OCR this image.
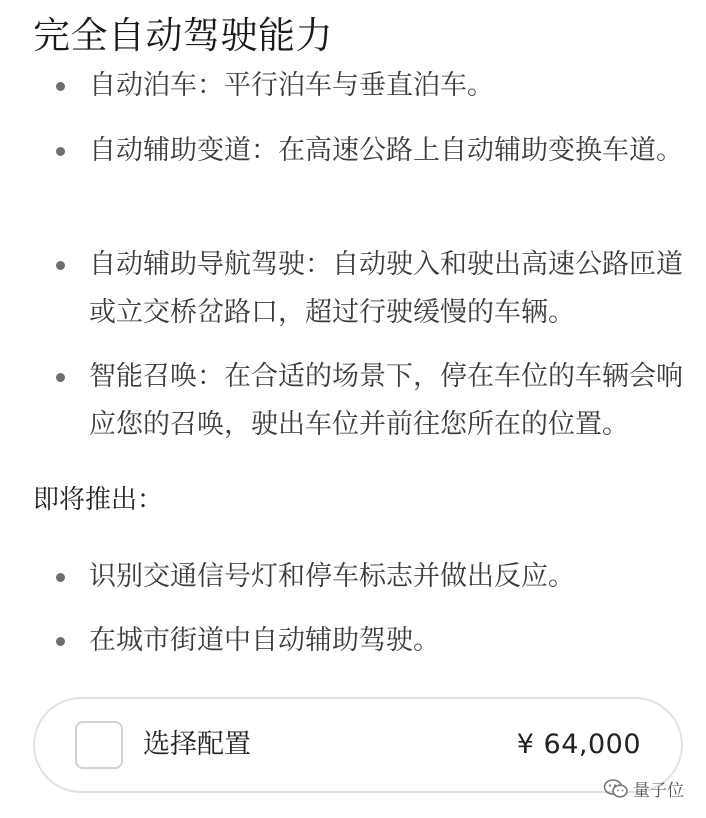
完全自动驾驶能力
自动泊车：平行泊车与垂直泊车。
自动辅助变道：在高速公路上自动辅助变换车道。
自动辅助导航驾驶：自动驶入和驶出高速公路匝道或立交桥岔路口，超过行驶缓慢的车辆。
智能召唤：在合适的场景下，停在车位的车辆会响应您的召唤，驶出车位并前往您所在的位置。
即将推出：
识别交通信号灯和停车标志并做出反应。
在城市街道中自动辅助驾驶。
选择配置	¥ 64,000
量子位
